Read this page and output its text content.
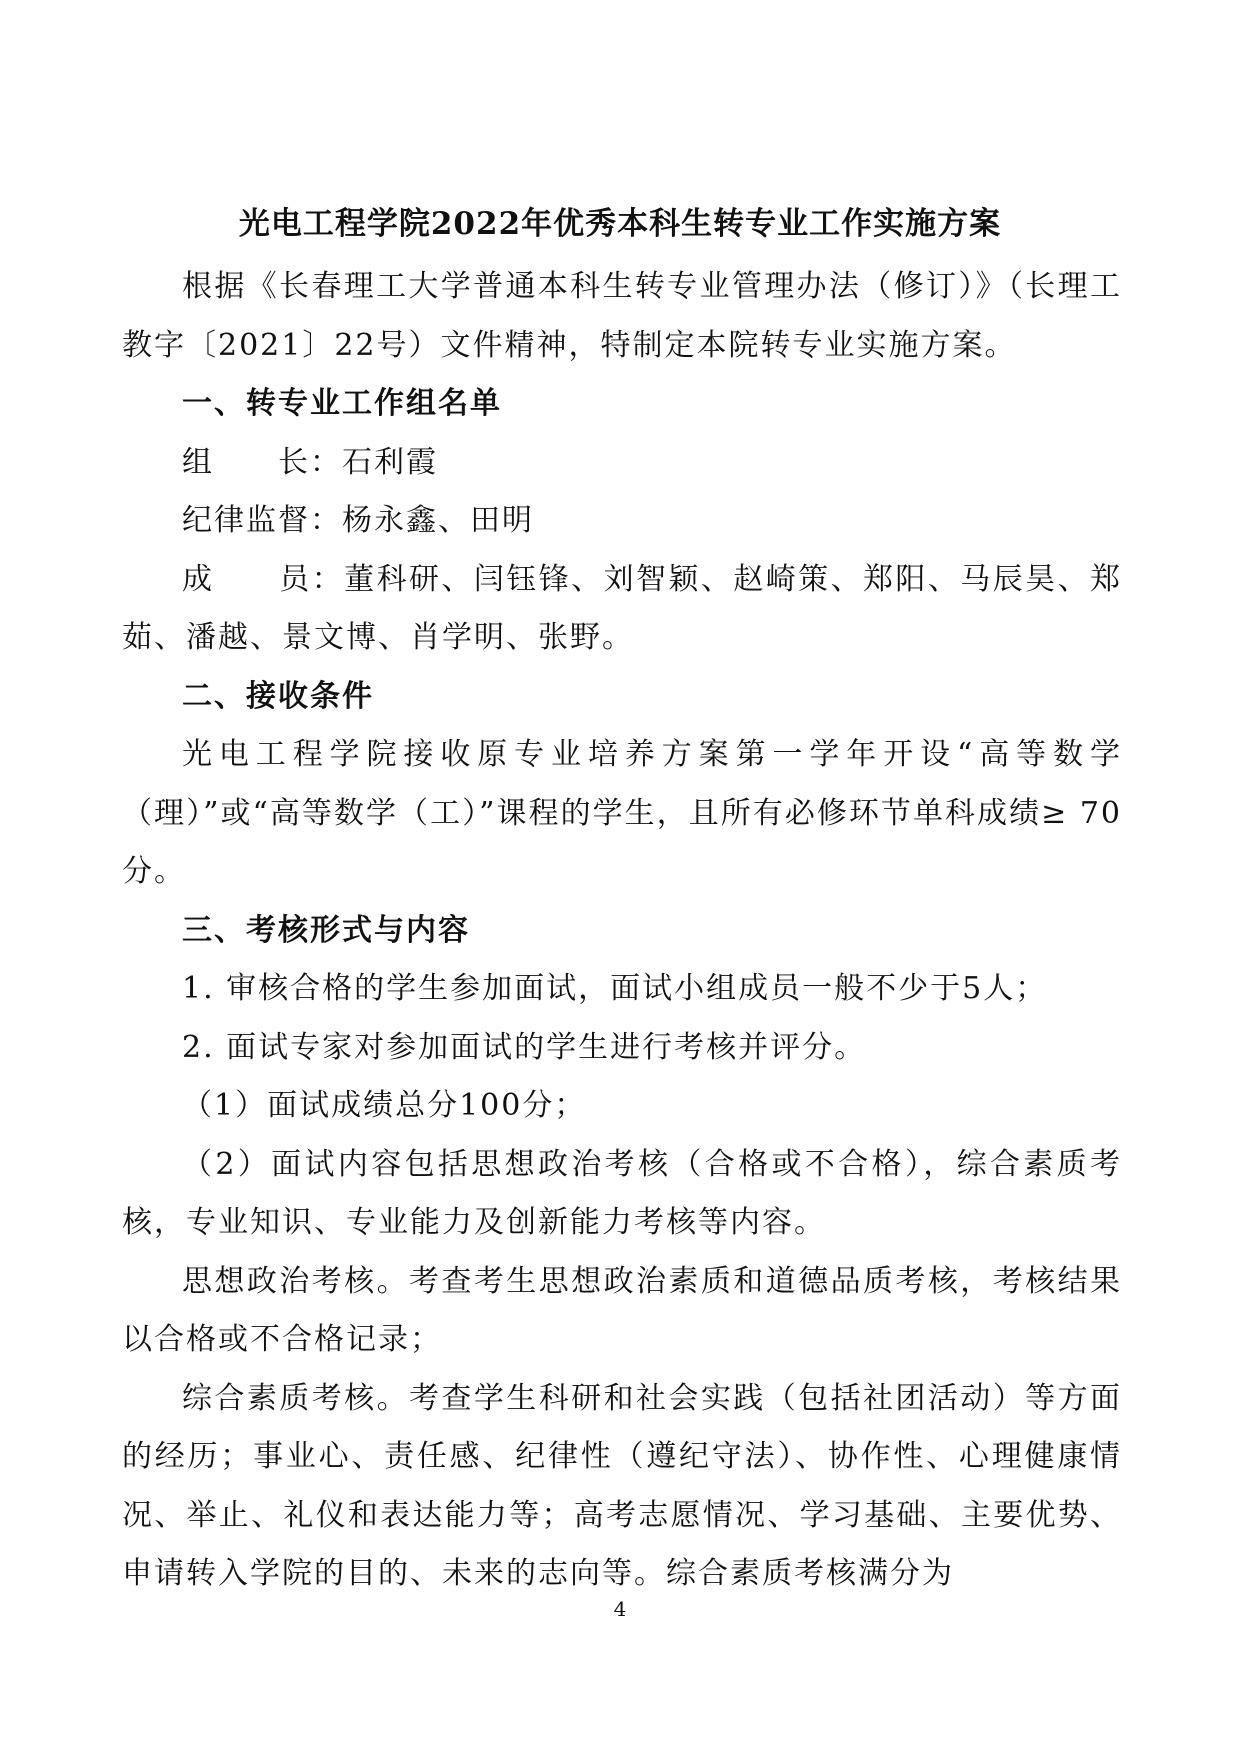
光电工程学院2022年优秀本科生转专业工作实施方案

根据《长春理工大学普通本科生转专业管理办法（修订）》（长理工教字〔2021〕22号）文件精神，特制定本院转专业实施方案。

一、转专业工作组名单

组　　长：石利霞

纪律监督：杨永鑫、田明

成　　员：董科研、闫钰锋、刘智颖、赵崎策、郑阳、马辰昊、郑茹、潘越、景文博、肖学明、张野。

二、接收条件

光电工程学院接收原专业培养方案第一学年开设“高等数学（理）”或“高等数学（工）”课程的学生，且所有必修环节单科成绩≥ 70 分。

三、考核形式与内容

1. 审核合格的学生参加面试，面试小组成员一般不少于5人；

2. 面试专家对参加面试的学生进行考核并评分。

（1）面试成绩总分100分；

（2）面试内容包括思想政治考核（合格或不合格），综合素质考核，专业知识、专业能力及创新能力考核等内容。

思想政治考核。考查考生思想政治素质和道德品质考核，考核结果以合格或不合格记录；

综合素质考核。考查学生科研和社会实践（包括社团活动）等方面的经历；事业心、责任感、纪律性（遵纪守法）、协作性、心理健康情况、举止、礼仪和表达能力等；高考志愿情况、学习基础、主要优势、申请转入学院的目的、未来的志向等。综合素质考核满分为

4
